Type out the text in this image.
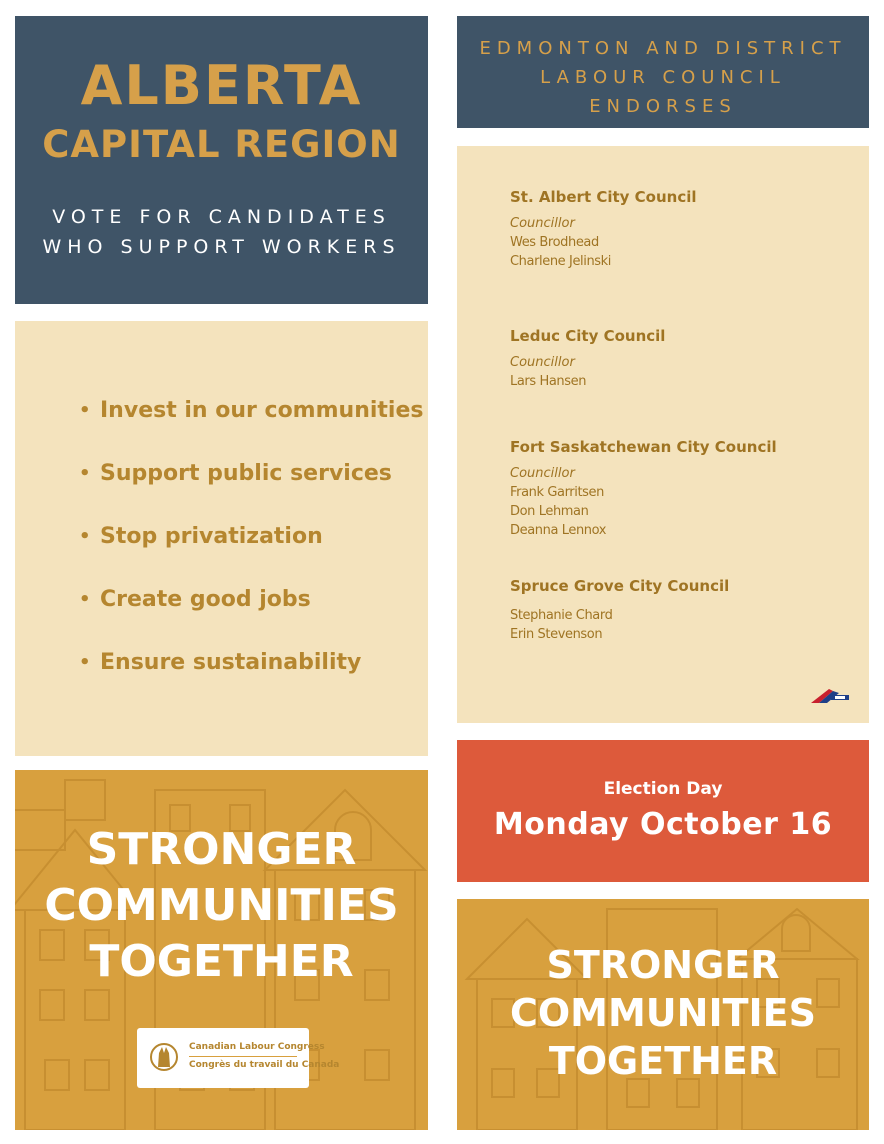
ALBERTA
CAPITAL REGION
VOTE FOR CANDIDATES
WHO SUPPORT WORKERS
EDMONTON AND DISTRICT
LABOUR COUNCIL
ENDORSES
• Invest in our communities
• Support public services
• Stop privatization
• Create good jobs
• Ensure sustainability
St. Albert City Council
Councillor
Wes Brodhead
Charlene Jelinski
Leduc City Council
Councillor
Lars Hansen
Fort Saskatchewan City Council
Councillor
Frank Garritsen
Don Lehman
Deanna Lennox
Spruce Grove City Council
Stephanie Chard
Erin Stevenson
Election Day
Monday October 16
STRONGER
COMMUNITIES
TOGETHER
Canadian Labour Congress
Congrès du travail du Canada
STRONGER
COMMUNITIES
TOGETHER
